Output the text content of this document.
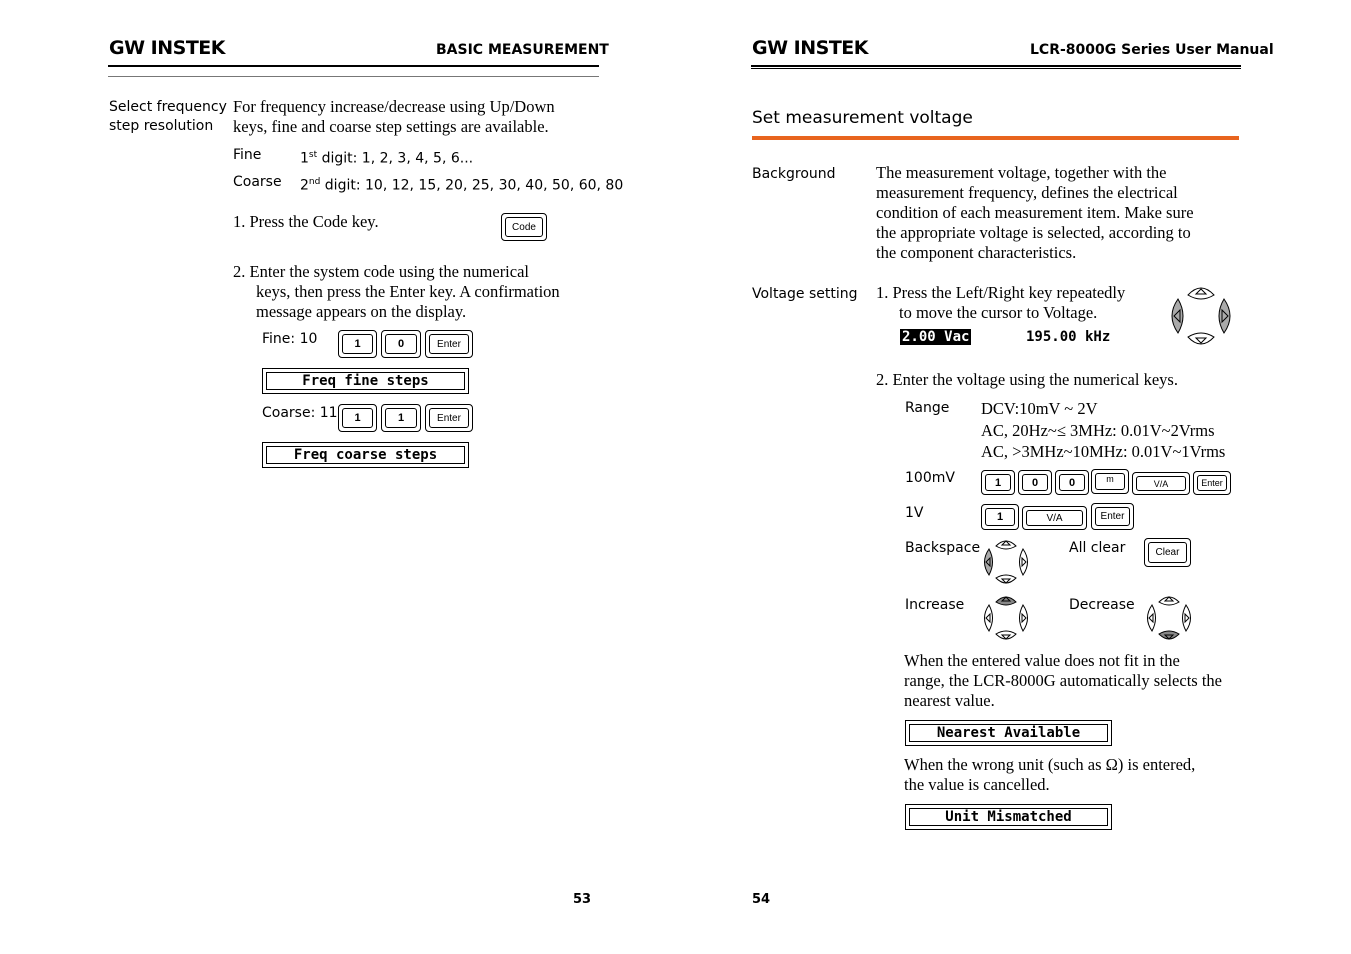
GW INSTEK	BASIC MEASUREMENT
Select frequency
step resolution
For frequency increase/decrease using Up/Down
keys, fine and coarse step settings are available.
Fine	1st digit: 1, 2, 3, 4, 5, 6...
Coarse 2nd digit: 10, 12, 15, 20, 25, 30, 40, 50, 60, 80
1. Press the Code key.	Code
2. Enter the system code using the numerical
keys, then press the Enter key. A confirmation
message appears on the display.
Fine: 10	1	0	Enter
Freq fine steps
Coarse: 11	1	1	Enter
Freq coarse steps
53
GW INSTEK	LCR-8000G Series User Manual
Set measurement voltage
Background The measurement voltage, together with the
measurement frequency, defines the electrical
condition of each measurement item. Make sure
the appropriate voltage is selected, according to
the component characteristics.
Voltage setting 1. Press the Left/Right key repeatedly
to move the cursor to Voltage.
2.00 Vac	195.00 kHz
2. Enter the voltage using the numerical keys.
Range DCV:10mV ~ 2V
AC, 20Hz~≤ 3MHz: 0.01V~2Vrms
AC, >3MHz~10MHz: 0.01V~1Vrms
100mV	1	0	0	m	V/A	Enter
1V	1	V/A	Enter
Backspace	All clear	Clear
Increase	Decrease
When the entered value does not fit in the
range, the LCR-8000G automatically selects the
nearest value.
Nearest Available
When the wrong unit (such as Ω) is entered,
the value is cancelled.
Unit Mismatched
54
